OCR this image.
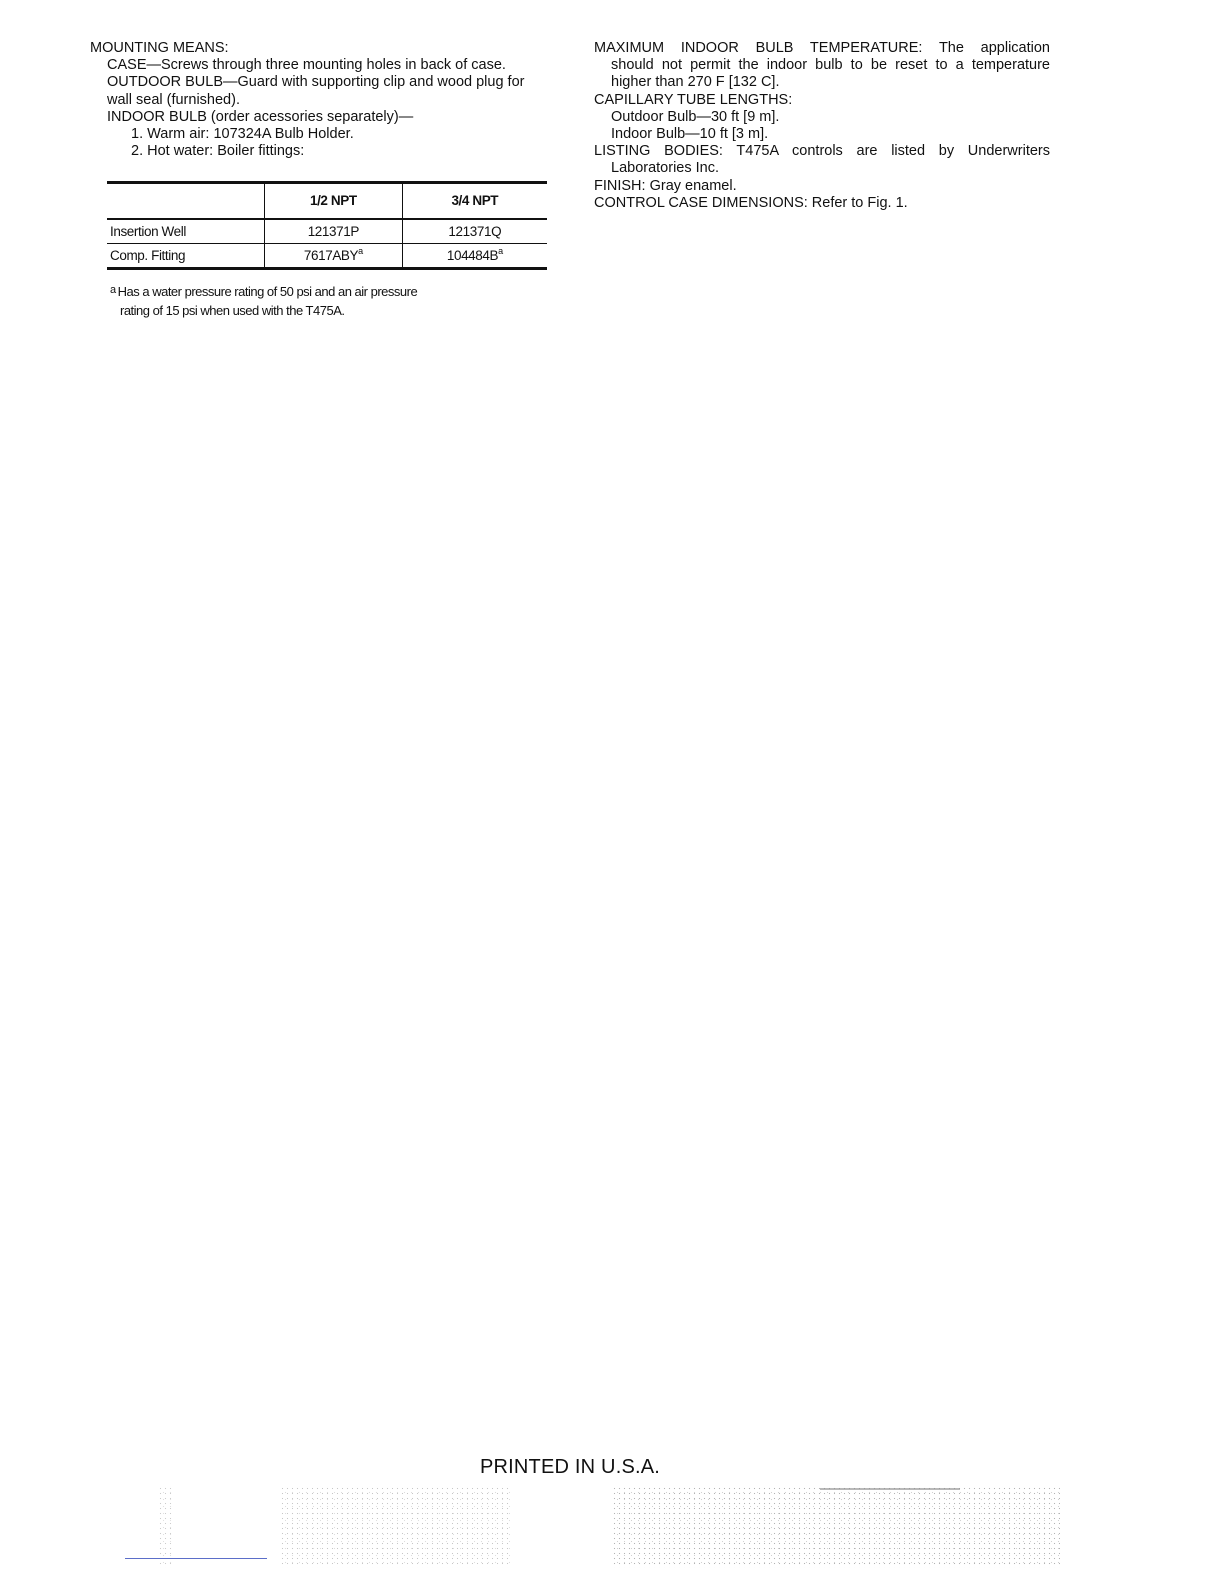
MOUNTING MEANS:
CASE—Screws through three mounting holes in back of case.
OUTDOOR BULB—Guard with supporting clip and wood plug for
wall seal (furnished).
INDOOR BULB (order acessories separately)—
1. Warm air: 107324A Bulb Holder.
2. Hot water: Boiler fittings:
	1/2 NPT	3/4 NPT
Insertion Well	121371P	121371Q
Comp. Fitting	7617ABY$^a$	$104484B^a$
$^a$ Has a water pressure rating of 50 psi and an air pressure
rating of 15 psi when used with the T475A.
MAXIMUM INDOOR BULB TEMPERATURE: The application
should not permit the indoor bulb to be reset to a temperature
higher than 270 F [132 C].
CAPILLARY TUBE LENGTHS:
Outdoor Bulb—30 ft [9 m].
Indoor Bulb—10 ft [3 m].
LISTING BODIES: T475A controls are listed by Underwriters
Laboratories Inc.
FINISH: Gray enamel.
CONTROL CASE DIMENSIONS: Refer to Fig. 1.
PRINTED IN U.S.A.
